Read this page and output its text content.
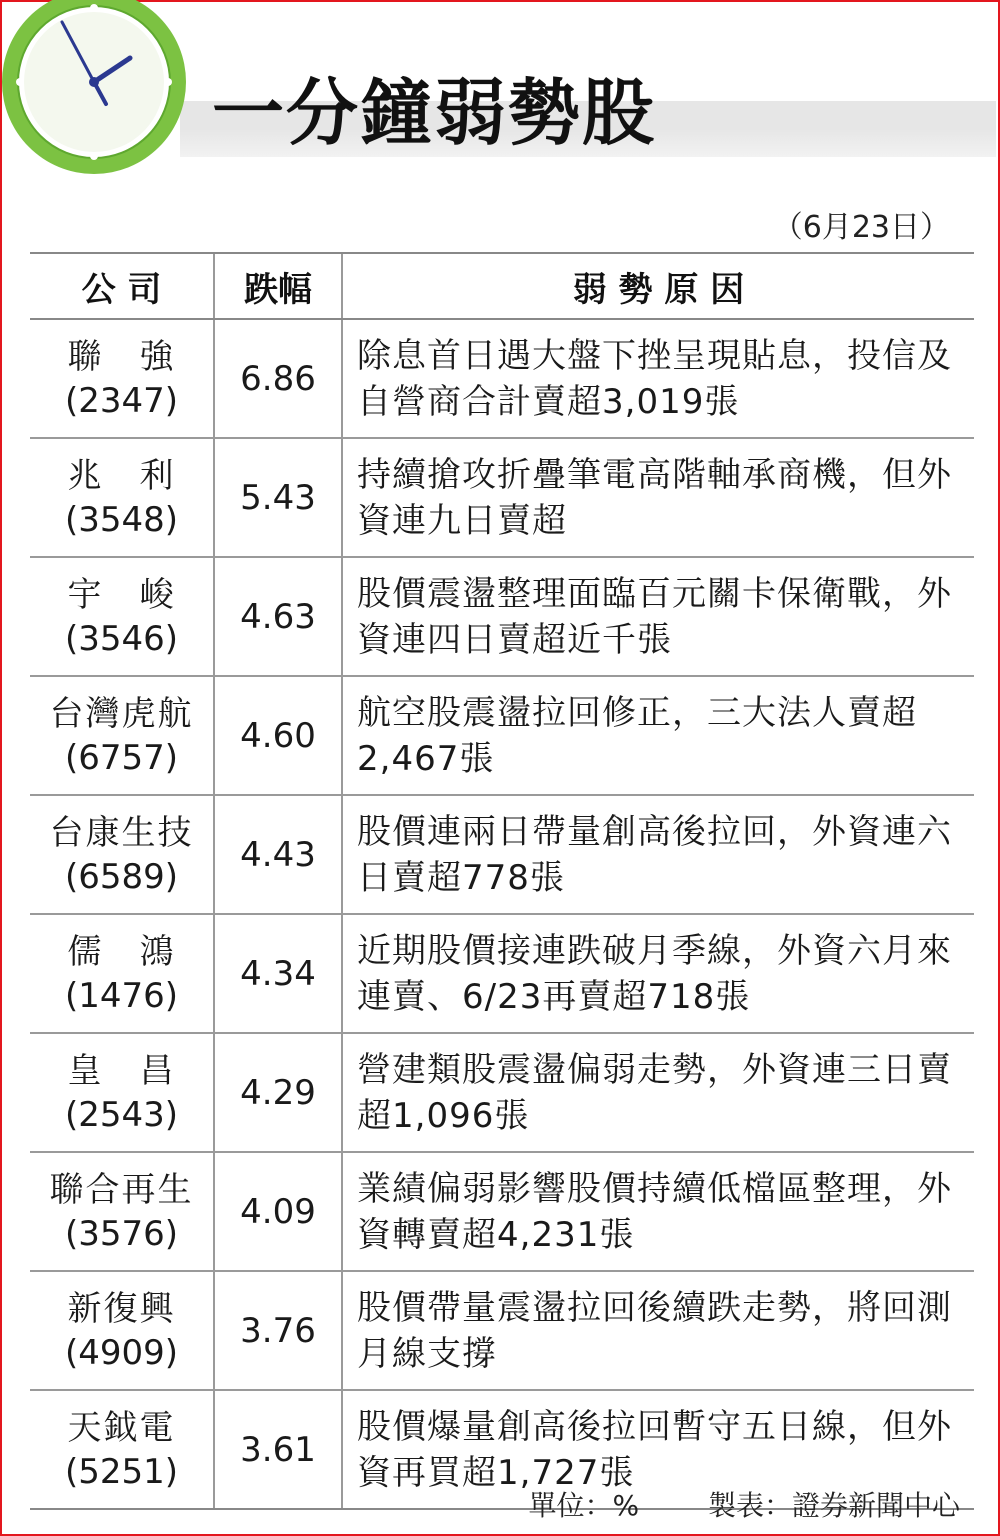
一分鐘弱勢股
（6月23日）
公 司	跌幅	弱 勢 原 因

聯　強
(2347)	6.86	除息首日遇大盤下挫呈現貼息，投信及自營商合計賣超3,019張

兆　利
(3548)	5.43	持續搶攻折疊筆電高階軸承商機，但外資連九日賣超

宇　峻
(3546)	4.63	股價震盪整理面臨百元關卡保衛戰，外資連四日賣超近千張

台灣虎航
(6757)	4.60	航空股震盪拉回修正，三大法人賣超2,467張

台康生技
(6589)	4.43	股價連兩日帶量創高後拉回，外資連六日賣超778張

儒　鴻
(1476)	4.34	近期股價接連跌破月季線，外資六月來連賣、6/23再賣超718張

皇　昌
(2543)	4.29	營建類股震盪偏弱走勢，外資連三日賣超1,096張

聯合再生
(3576)	4.09	業績偏弱影響股價持續低檔區整理，外資轉賣超4,231張

新復興
(4909)	3.76	股價帶量震盪拉回後續跌走勢，將回測月線支撐

天鉞電
(5251)	3.61	股價爆量創高後拉回暫守五日線，但外資再買超1,727張
單位：% 製表：證券新聞中心
